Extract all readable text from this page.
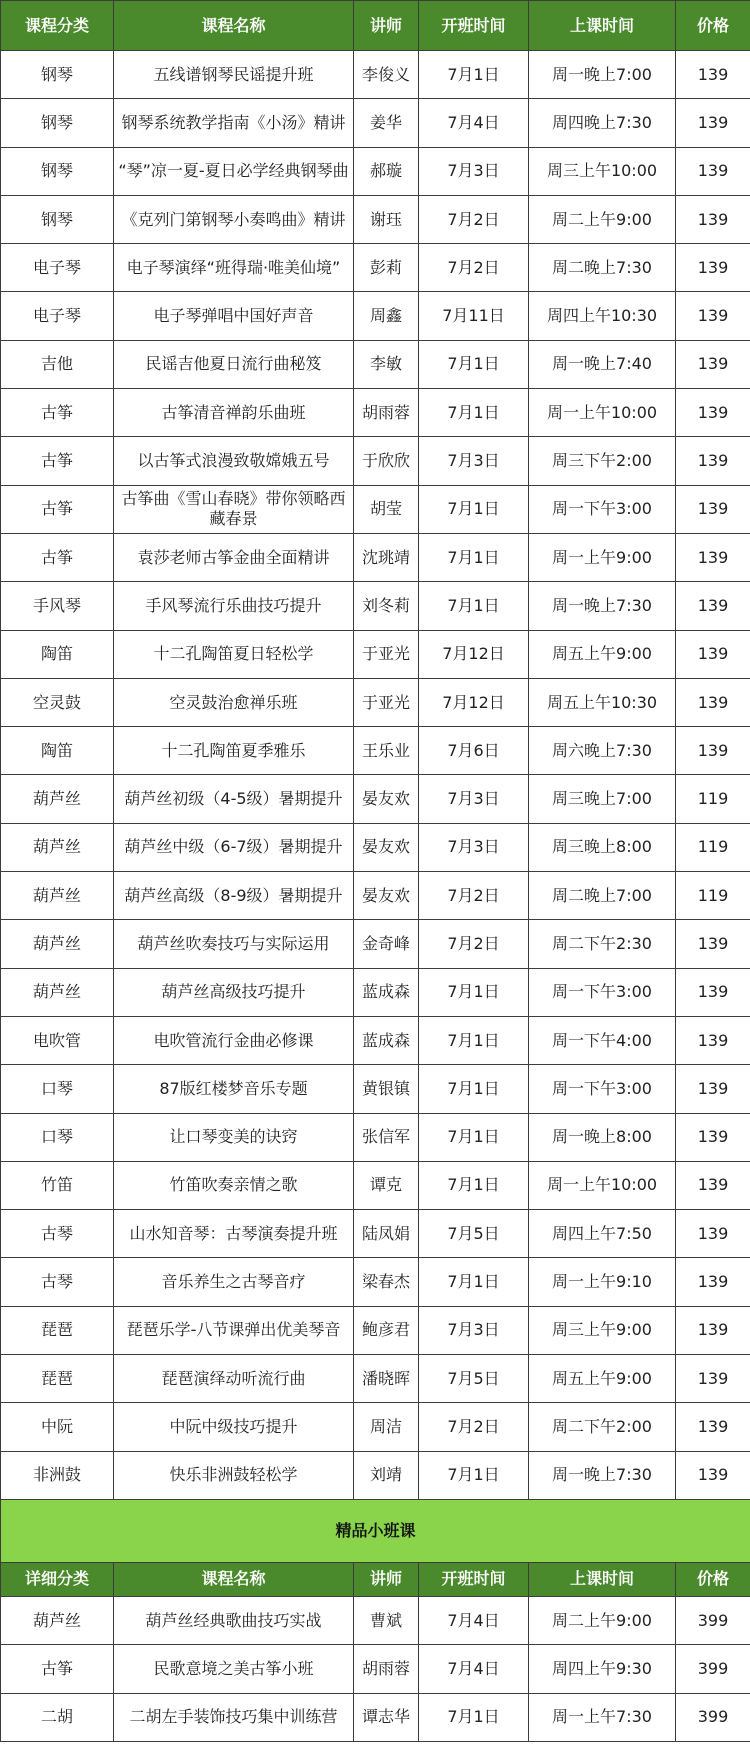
课程分类	课程名称	讲师	开班时间	上课时间	价格
钢琴	五线谱钢琴民谣提升班	李俊义	7月1日	周一晚上7:00	139
钢琴	钢琴系统教学指南《小汤》精讲	姜华	7月4日	周四晚上7:30	139
钢琴	“琴”凉一夏-夏日必学经典钢琴曲	郝璇	7月3日	周三上午10:00	139
钢琴	《克列门第钢琴小奏鸣曲》精讲	谢珏	7月2日	周二上午9:00	139
电子琴	电子琴演绎“班得瑞·唯美仙境”	彭莉	7月2日	周二晚上7:30	139
电子琴	电子琴弹唱中国好声音	周鑫	7月11日	周四上午10:30	139
吉他	民谣吉他夏日流行曲秘笈	李敏	7月1日	周一晚上7:40	139
古筝	古筝清音禅韵乐曲班	胡雨蓉	7月1日	周一上午10:00	139
古筝	以古筝式浪漫致敬嫦娥五号	于欣欣	7月3日	周三下午2:00	139
古筝	古筝曲《雪山春晓》带你领略西藏春景	胡莹	7月1日	周一下午3:00	139
古筝	袁莎老师古筝金曲全面精讲	沈珧靖	7月1日	周一上午9:00	139
手风琴	手风琴流行乐曲技巧提升	刘冬莉	7月1日	周一晚上7:30	139
陶笛	十二孔陶笛夏日轻松学	于亚光	7月12日	周五上午9:00	139
空灵鼓	空灵鼓治愈禅乐班	于亚光	7月12日	周五上午10:30	139
陶笛	十二孔陶笛夏季雅乐	王乐业	7月6日	周六晚上7:30	139
葫芦丝	葫芦丝初级（4-5级）暑期提升	晏友欢	7月3日	周三晚上7:00	119
葫芦丝	葫芦丝中级（6-7级）暑期提升	晏友欢	7月3日	周三晚上8:00	119
葫芦丝	葫芦丝高级（8-9级）暑期提升	晏友欢	7月2日	周二晚上7:00	119
葫芦丝	葫芦丝吹奏技巧与实际运用	金奇峰	7月2日	周二下午2:30	139
葫芦丝	葫芦丝高级技巧提升	蓝成森	7月1日	周一下午3:00	139
电吹管	电吹管流行金曲必修课	蓝成森	7月1日	周一下午4:00	139
口琴	87版红楼梦音乐专题	黄银镇	7月1日	周一下午3:00	139
口琴	让口琴变美的诀窍	张信军	7月1日	周一晚上8:00	139
竹笛	竹笛吹奏亲情之歌	谭克	7月1日	周一上午10:00	139
古琴	山水知音琴：古琴演奏提升班	陆凤娟	7月5日	周四上午7:50	139
古琴	音乐养生之古琴音疗	梁春杰	7月1日	周一上午9:10	139
琵琶	琵琶乐学-八节课弹出优美琴音	鲍彦君	7月3日	周三上午9:00	139
琵琶	琵琶演绎动听流行曲	潘晓晖	7月5日	周五上午9:00	139
中阮	中阮中级技巧提升	周洁	7月2日	周二下午2:00	139
非洲鼓	快乐非洲鼓轻松学	刘靖	7月1日	周一晚上7:30	139
精品小班课					
详细分类	课程名称	讲师	开班时间	上课时间	价格
葫芦丝	葫芦丝经典歌曲技巧实战	曹斌	7月4日	周二上午9:00	399
古筝	民歌意境之美古筝小班	胡雨蓉	7月4日	周四上午9:30	399
二胡	二胡左手装饰技巧集中训练营	谭志华	7月1日	周一上午7:30	399
